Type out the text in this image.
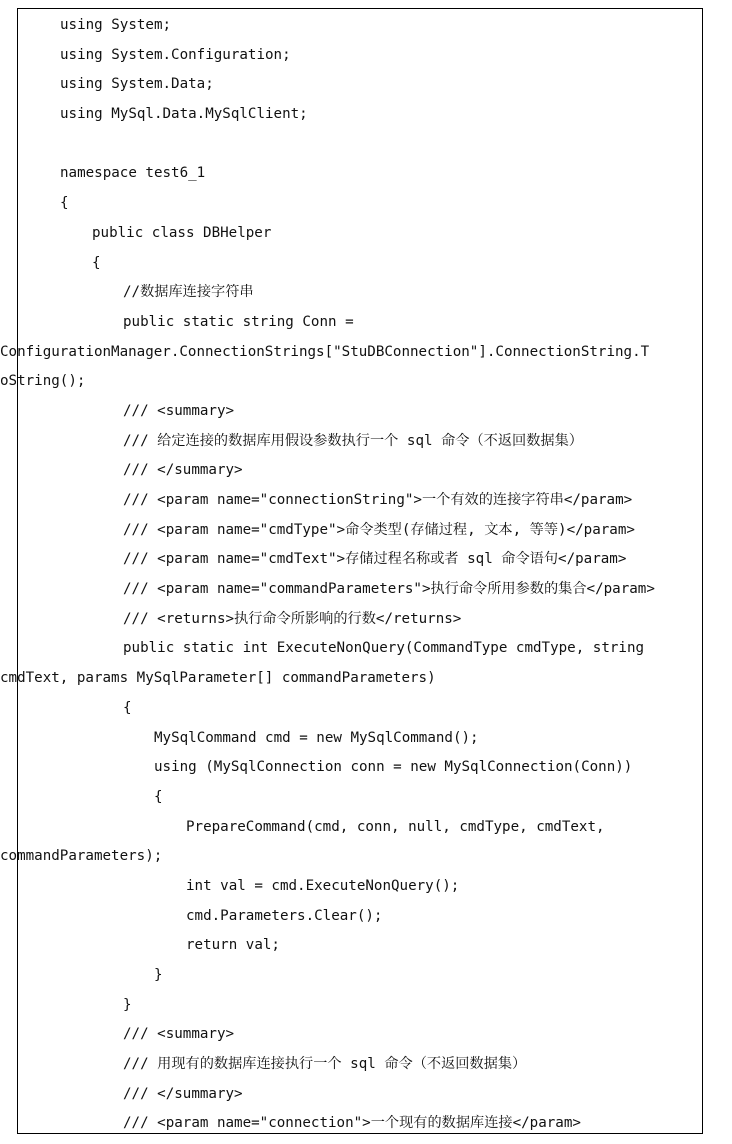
using System;
using System.Configuration;
using System.Data;
using MySql.Data.MySqlClient;
namespace test6_1
{
public class DBHelper
{
//数据库连接字符串
public static string Conn =
ConfigurationManager.ConnectionStrings["StuDBConnection"].ConnectionString.T
oString();
/// <summary>
/// 给定连接的数据库用假设参数执行一个 sql 命令（不返回数据集）
/// </summary>
/// <param name="connectionString">一个有效的连接字符串</param>
/// <param name="cmdType">命令类型(存储过程, 文本, 等等)</param>
/// <param name="cmdText">存储过程名称或者 sql 命令语句</param>
/// <param name="commandParameters">执行命令所用参数的集合</param>
/// <returns>执行命令所影响的行数</returns>
public static int ExecuteNonQuery(CommandType cmdType, string
cmdText, params MySqlParameter[] commandParameters)
{
MySqlCommand cmd = new MySqlCommand();
using (MySqlConnection conn = new MySqlConnection(Conn))
{
PrepareCommand(cmd, conn, null, cmdType, cmdText,
commandParameters);
int val = cmd.ExecuteNonQuery();
cmd.Parameters.Clear();
return val;
}
}
/// <summary>
/// 用现有的数据库连接执行一个 sql 命令（不返回数据集）
/// </summary>
/// <param name="connection">一个现有的数据库连接</param>
